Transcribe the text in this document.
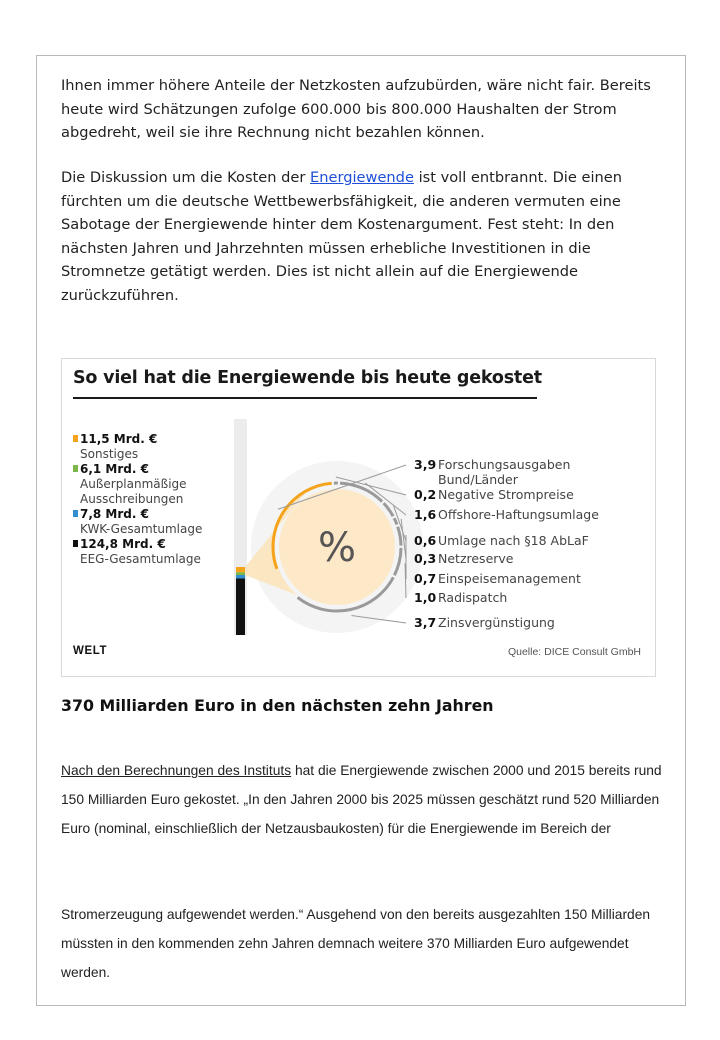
Ihnen immer höhere Anteile der Netzkosten aufzubürden, wäre nicht fair. Bereits heute wird Schätzungen zufolge 600.000 bis 800.000 Haushalten der Strom abgedreht, weil sie ihre Rechnung nicht bezahlen können.

Die Diskussion um die Kosten der Energiewende ist voll entbrannt. Die einen fürchten um die deutsche Wettbewerbsfähigkeit, die anderen vermuten eine Sabotage der Energiewende hinter dem Kostenargument. Fest steht: In den nächsten Jahren und Jahrzehnten müssen erhebliche Investitionen in die Stromnetze getätigt werden. Dies ist nicht allein auf die Energiewende zurückzuführen.

So viel hat die Energiewende bis heute gekostet
11,5 Mrd. €
Sonstiges
6,1 Mrd. €
Außerplanmäßige
Ausschreibungen
7,8 Mrd. €
KWK-Gesamtumlage
124,8 Mrd. €
EEG-Gesamtumlage	%
3,9 Forschungsausgaben
Bund/Länder
0,2 Negative Strompreise
1,6 Offshore-Haftungsumlage
0,6 Umlage nach §18 AbLaF
0,3 Netzreserve
0,7 Einspeisemanagement
1,0 Radispatch
3,7 Zinsvergünstigung
WELT	Quelle: DICE Consult GmbH
370 Milliarden Euro in den nächsten zehn Jahren

Nach den Berechnungen des Instituts hat die Energiewende zwischen 2000 und 2015 bereits rund 150 Milliarden Euro gekostet. „In den Jahren 2000 bis 2025 müssen geschätzt rund 520 Milliarden Euro (nominal, einschließlich der Netzausbaukosten) für die Energiewende im Bereich der

Stromerzeugung aufgewendet werden.“ Ausgehend von den bereits ausgezahlten 150 Milliarden müssten in den kommenden zehn Jahren demnach weitere 370 Milliarden Euro aufgewendet werden.
